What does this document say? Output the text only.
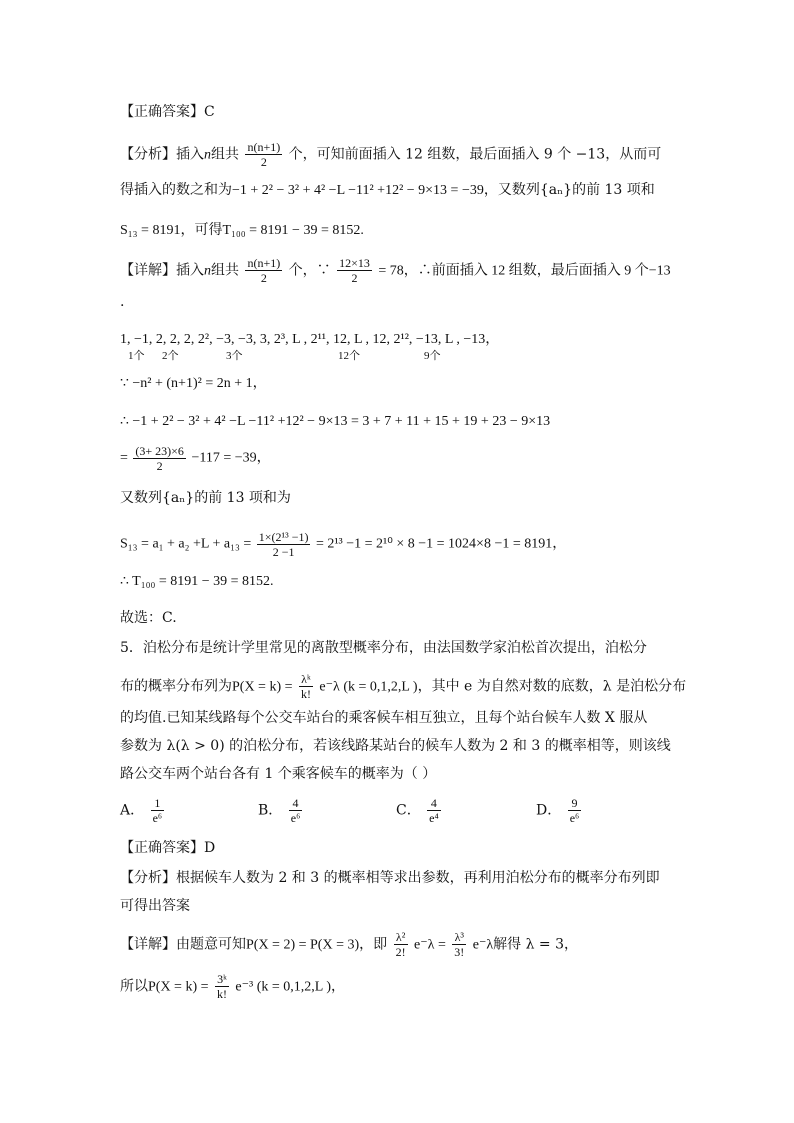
【正确答案】C
【分析】插入n组共 $\frac{n(n+1)}{2}$ 个，可知前面插入 12 组数，最后面插入 9 个 −13，从而可
得插入的数之和为−1 + 2² − 3² + 4² −L −11² +12² − 9×13 = −39，又数列{aₙ}的前 13 项和
S₁₃ = 8191，可得T₁₀₀ = 8191 − 39 = 8152.
【详解】插入n组共 $\frac{n(n+1)}{2}$ 个，∵ $\frac{12\times 13}{2} = 78$，∴前面插入 12 组数，最后面插入 9 个−13
.
1, −1, 2, 2, 2, 2², −3, −3, 3, 2³, L , 2¹¹, 12, L , 12, 2¹², −13, L , −13，
1个 2个	3个	12个	9个
∵ −n² + (n+1)² = 2n + 1，
∴ −1 + 2² − 3² + 4² −L −11² +12² − 9×13 = 3 + 7 + 11 + 15 + 19 + 23 − 9×13
= $\frac{(3+ 23)\times 6}{2} -117 = -39$，
又数列{aₙ}的前 13 项和为
$S_{13} = a_1 + a_2 +L + a_{13} = \frac{\text{1×(2¹³ −1)}}{2 -1} = 2^{13} -1 = 2^{10} \times 8 -1 = 1024\times 8 -1 = 8191$，
∴ T₁₀₀ = 8191 − 39 = 8152.
故选：C.
5．泊松分布是统计学里常见的离散型概率分布，由法国数学家泊松首次提出，泊松分
布的概率分布列为$P(X = k) = \frac{\text{λᵏ}}{k!} e^-\lambda$ (k = 0,1,2,L )，其中 e 为自然对数的底数，λ 是泊松分布
的均值.已知某线路每个公交车站台的乘客候车相互独立，且每个站台候车人数 X 服从
参数为 λ(λ > 0) 的泊松分布，若该线路某站台的候车人数为 2 和 3 的概率相等，则该线
路公交车两个站台各有 1 个乘客候车的概率为（ ）
A． $\frac{1}{\text{e⁶}}$	B． $\frac{4}{\text{e⁶}}$	C． $\frac{4}{\text{e⁴}}$	D． $\frac{9}{\text{e⁶}}$
【正确答案】D
【分析】根据候车人数为 2 和 3 的概率相等求出参数，再利用泊松分布的概率分布列即
可得出答案
【详解】由题意可知P(X = 2) = P(X = 3)，即 $\frac{\text{λ²}}{2!} e^-\lambda = \frac{\text{λ³}}{3!} e^-\lambda$解得 λ = 3，
所以$P(X = k) = \frac{\text{3ᵏ}}{k!} e^{-3}$ (k = 0,1,2,L )，
